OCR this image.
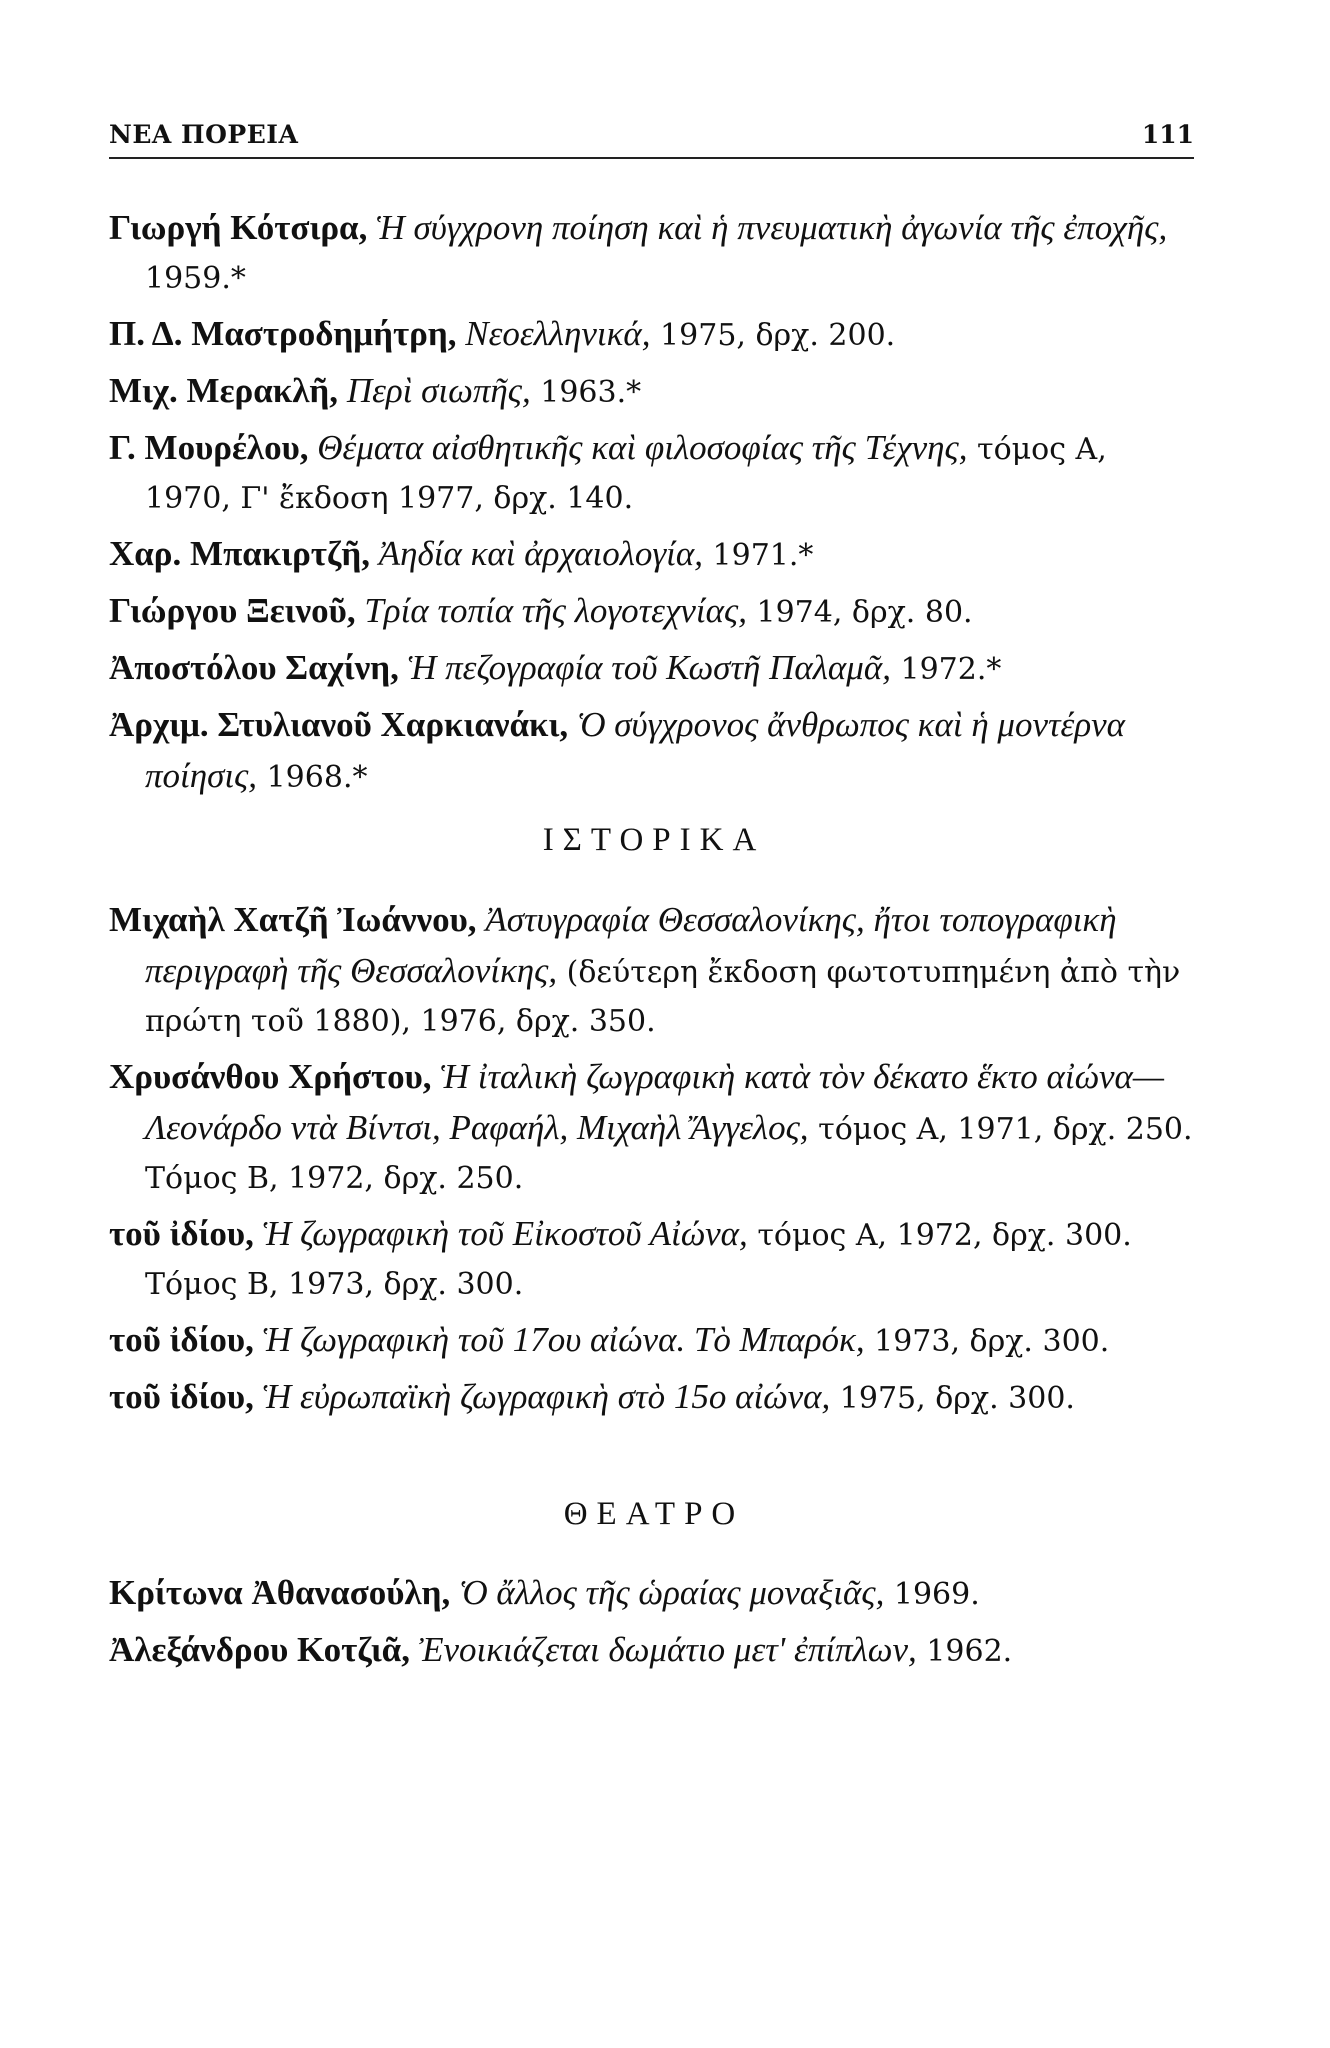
ΝΕΑ ΠΟΡΕΙΑ	111

Γιωργή Κότσιρα, Ἡ σύγχρονη ποίηση καὶ ἡ πνευματικὴ ἀγωνία τῆς ἐποχῆς, 1959.*

Π. Δ. Μαστροδημήτρη, Νεοελληνικά, 1975, δρχ. 200.

Μιχ. Μερακλῆ, Περὶ σιωπῆς, 1963.*

Γ. Μουρέλου, Θέματα αἰσθητικῆς καὶ φιλοσοφίας τῆς Τέχνης, τόμος Α, 1970, Γ' ἔκδοση 1977, δρχ. 140.

Χαρ. Μπακιρτζῆ, Ἀηδία καὶ ἀρχαιολογία, 1971.*

Γιώργου Ξεινοῦ, Τρία τοπία τῆς λογοτεχνίας, 1974, δρχ. 80.

Ἀποστόλου Σαχίνη, Ἡ πεζογραφία τοῦ Κωστῆ Παλαμᾶ, 1972.*

Ἀρχιμ. Στυλιανοῦ Χαρκιανάκι, Ὁ σύγχρονος ἄνθρωπος καὶ ἡ μοντέρνα ποίησις, 1968.*

ΙΣΤΟΡΙΚΑ

Μιχαὴλ Χατζῆ Ἰωάννου, Ἀστυγραφία Θεσσαλονίκης, ἤτοι τοπογραφικὴ περιγραφὴ τῆς Θεσσαλονίκης, (δεύτερη ἔκδοση φωτοτυπημένη ἀπὸ τὴν πρώτη τοῦ 1880), 1976, δρχ. 350.

Χρυσάνθου Χρήστου, Ἡ ἰταλικὴ ζωγραφικὴ κατὰ τὸν δέκατο ἕκτο αἰώνα— Λεονάρδο ντὰ Βίντσι, Ραφαήλ, Μιχαὴλ Ἄγγελος, τόμος Α, 1971, δρχ. 250. Τόμος Β, 1972, δρχ. 250.

τοῦ ἰδίου, Ἡ ζωγραφικὴ τοῦ Εἰκοστοῦ Αἰώνα, τόμος Α, 1972, δρχ. 300. Τόμος Β, 1973, δρχ. 300.

τοῦ ἰδίου, Ἡ ζωγραφικὴ τοῦ 17ου αἰώνα. Τὸ Μπαρόκ, 1973, δρχ. 300.

τοῦ ἰδίου, Ἡ εὐρωπαϊκὴ ζωγραφικὴ στὸ 15ο αἰώνα, 1975, δρχ. 300.

ΘΕΑΤΡΟ

Κρίτωνα Ἀθανασούλη, Ὁ ἄλλος τῆς ὡραίας μοναξιᾶς, 1969.

Ἀλεξάνδρου Κοτζιᾶ, Ἐνοικιάζεται δωμάτιο μετ' ἐπίπλων, 1962.
